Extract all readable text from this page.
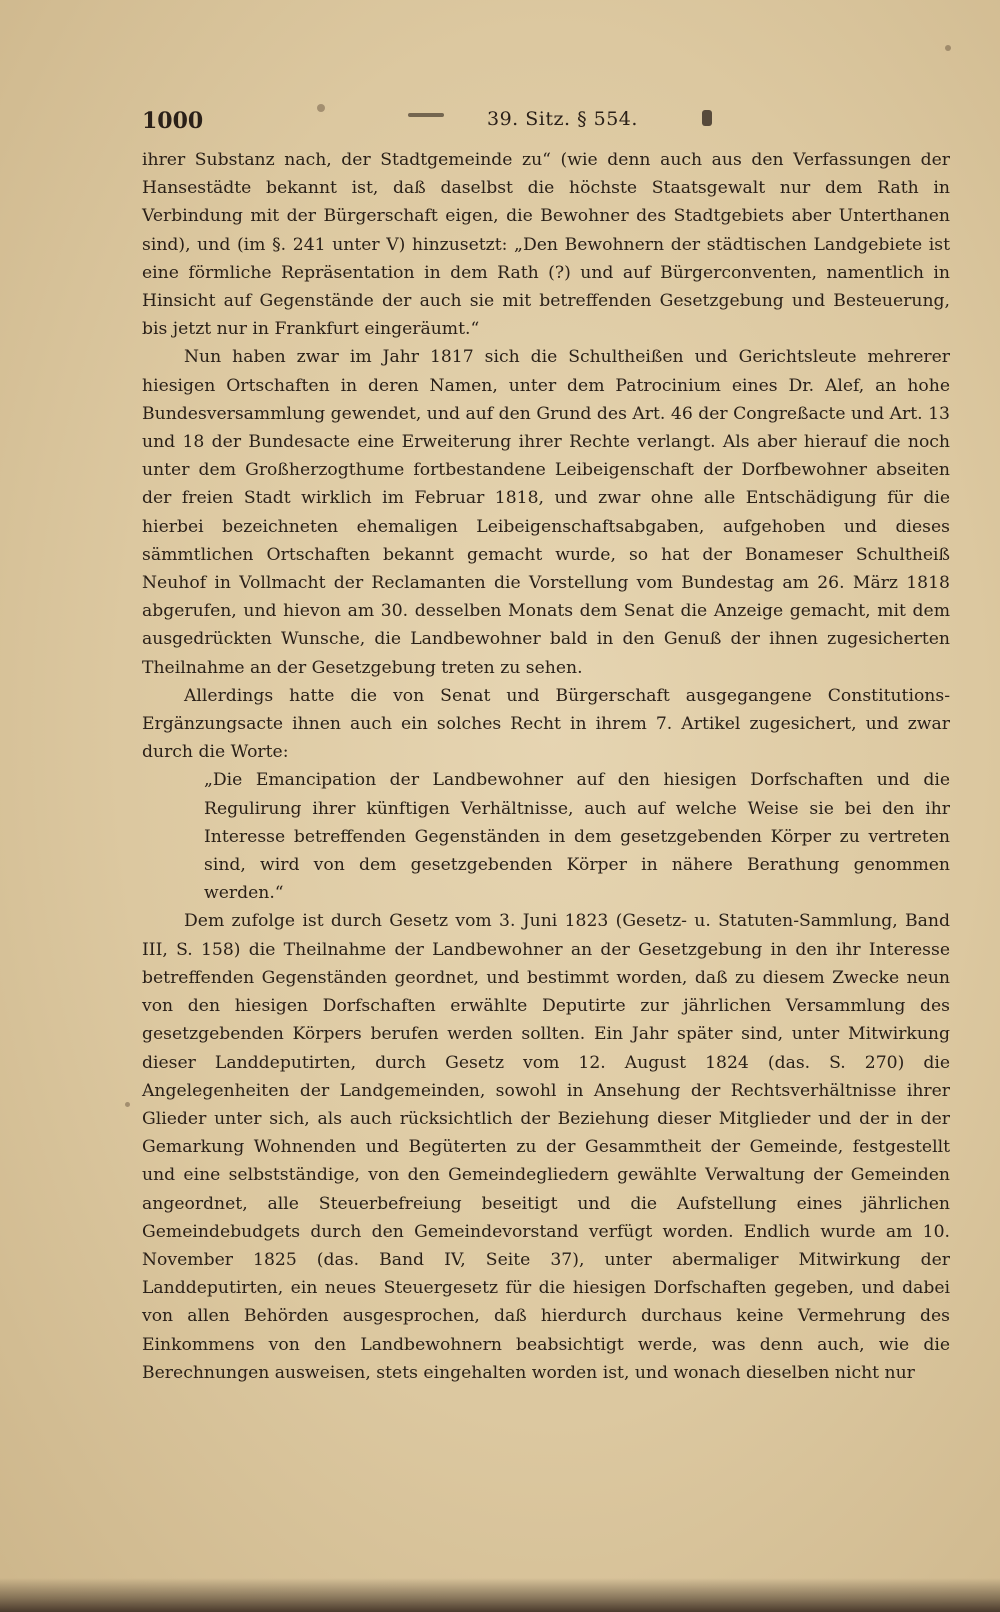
1000	39. Sitz. § 554.

ihrer Substanz nach, der Stadtgemeinde zu“ (wie denn auch aus den Verfassungen der Hansestädte bekannt ist, daß daselbst die höchste Staatsgewalt nur dem Rath in Verbindung mit der Bürgerschaft eigen, die Bewohner des Stadtgebiets aber Unterthanen sind), und (im §. 241 unter V) hinzusetzt: „Den Bewohnern der städtischen Landgebiete ist eine förmliche Repräsentation in dem Rath (?) und auf Bürgerconventen, namentlich in Hinsicht auf Gegenstände der auch sie mit betreffenden Gesetzgebung und Besteuerung, bis jetzt nur in Frankfurt eingeräumt.“

Nun haben zwar im Jahr 1817 sich die Schultheißen und Gerichtsleute mehrerer hiesigen Ortschaften in deren Namen, unter dem Patrocinium eines Dr. Alef, an hohe Bundesversammlung gewendet, und auf den Grund des Art. 46 der Congreßacte und Art. 13 und 18 der Bundesacte eine Erweiterung ihrer Rechte verlangt. Als aber hierauf die noch unter dem Großherzogthume fortbestandene Leibeigenschaft der Dorfbewohner abseiten der freien Stadt wirklich im Februar 1818, und zwar ohne alle Entschädigung für die hierbei bezeichneten ehemaligen Leibeigenschaftsabgaben, aufgehoben und dieses sämmtlichen Ortschaften bekannt gemacht wurde, so hat der Bonameser Schultheiß Neuhof in Vollmacht der Reclamanten die Vorstellung vom Bundestag am 26. März 1818 abgerufen, und hievon am 30. desselben Monats dem Senat die Anzeige gemacht, mit dem ausgedrückten Wunsche, die Landbewohner bald in den Genuß der ihnen zugesicherten Theilnahme an der Gesetzgebung treten zu sehen.

Allerdings hatte die von Senat und Bürgerschaft ausgegangene Constitutions-Ergänzungsacte ihnen auch ein solches Recht in ihrem 7. Artikel zugesichert, und zwar durch die Worte:

„Die Emancipation der Landbewohner auf den hiesigen Dorfschaften und die Regulirung ihrer künftigen Verhältnisse, auch auf welche Weise sie bei den ihr Interesse betreffenden Gegenständen in dem gesetzgebenden Körper zu vertreten sind, wird von dem gesetzgebenden Körper in nähere Berathung genommen werden.“

Dem zufolge ist durch Gesetz vom 3. Juni 1823 (Gesetz- u. Statuten-Sammlung, Band III, S. 158) die Theilnahme der Landbewohner an der Gesetzgebung in den ihr Interesse betreffenden Gegenständen geordnet, und bestimmt worden, daß zu diesem Zwecke neun von den hiesigen Dorfschaften erwählte Deputirte zur jährlichen Versammlung des gesetzgebenden Körpers berufen werden sollten. Ein Jahr später sind, unter Mitwirkung dieser Landdeputirten, durch Gesetz vom 12. August 1824 (das. S. 270) die Angelegenheiten der Landgemeinden, sowohl in Ansehung der Rechtsverhältnisse ihrer Glieder unter sich, als auch rücksichtlich der Beziehung dieser Mitglieder und der in der Gemarkung Wohnenden und Begüterten zu der Gesammtheit der Gemeinde, festgestellt und eine selbstständige, von den Gemeindegliedern gewählte Verwaltung der Gemeinden angeordnet, alle Steuerbefreiung beseitigt und die Aufstellung eines jährlichen Gemeindebudgets durch den Gemeindevorstand verfügt worden. Endlich wurde am 10. November 1825 (das. Band IV, Seite 37), unter abermaliger Mitwirkung der Landdeputirten, ein neues Steuergesetz für die hiesigen Dorfschaften gegeben, und dabei von allen Behörden ausgesprochen, daß hierdurch durchaus keine Vermehrung des Einkommens von den Landbewohnern beabsichtigt werde, was denn auch, wie die Berechnungen ausweisen, stets eingehalten worden ist, und wonach dieselben nicht nur
